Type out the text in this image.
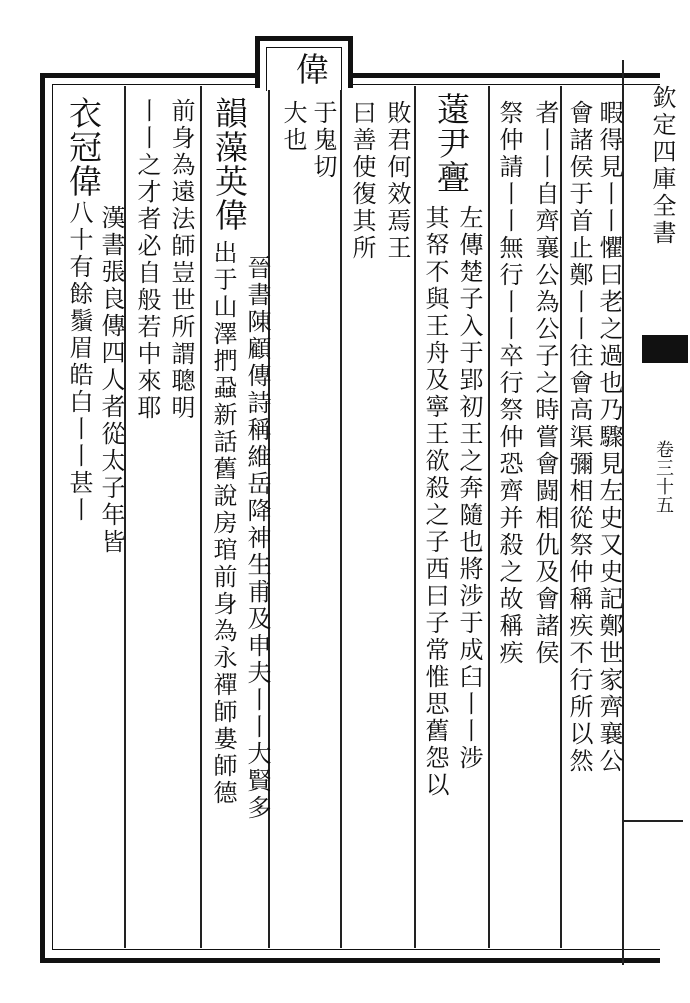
欽定四庫全書
卷三十五
偉
暇得見丨丨懼曰老之過也乃驟見左史又史記鄭世家齊襄公
會諸侯于首止鄭丨丨往會高渠彌相從祭仲稱疾不行所以然
者丨丨自齊襄公為公子之時嘗會闘相仇及會諸侯
祭仲請丨丨無行丨丨卒行祭仲恐齊并殺之故稱疾
薳尹亹
左傳楚子入于郢初王之奔隨也將涉于成臼丨丨涉
其帑不與王舟及寧王欲殺之子西曰子常惟思舊怨以
敗君何效焉王
曰善使復其所
于鬼切
大也
韻藻英偉
晉書陳顧傳詩稱維岳降神生甫及申夫丨丨大賢多
出于山澤捫蝨新話舊說房琯前身為永禪師婁師德
前身為遠法師豈世所謂聰明
丨丨之才者必自般若中來耶
衣冠偉
漢書張良傳四人者從太子年皆
八十有餘鬚眉皓白丨丨甚丨
